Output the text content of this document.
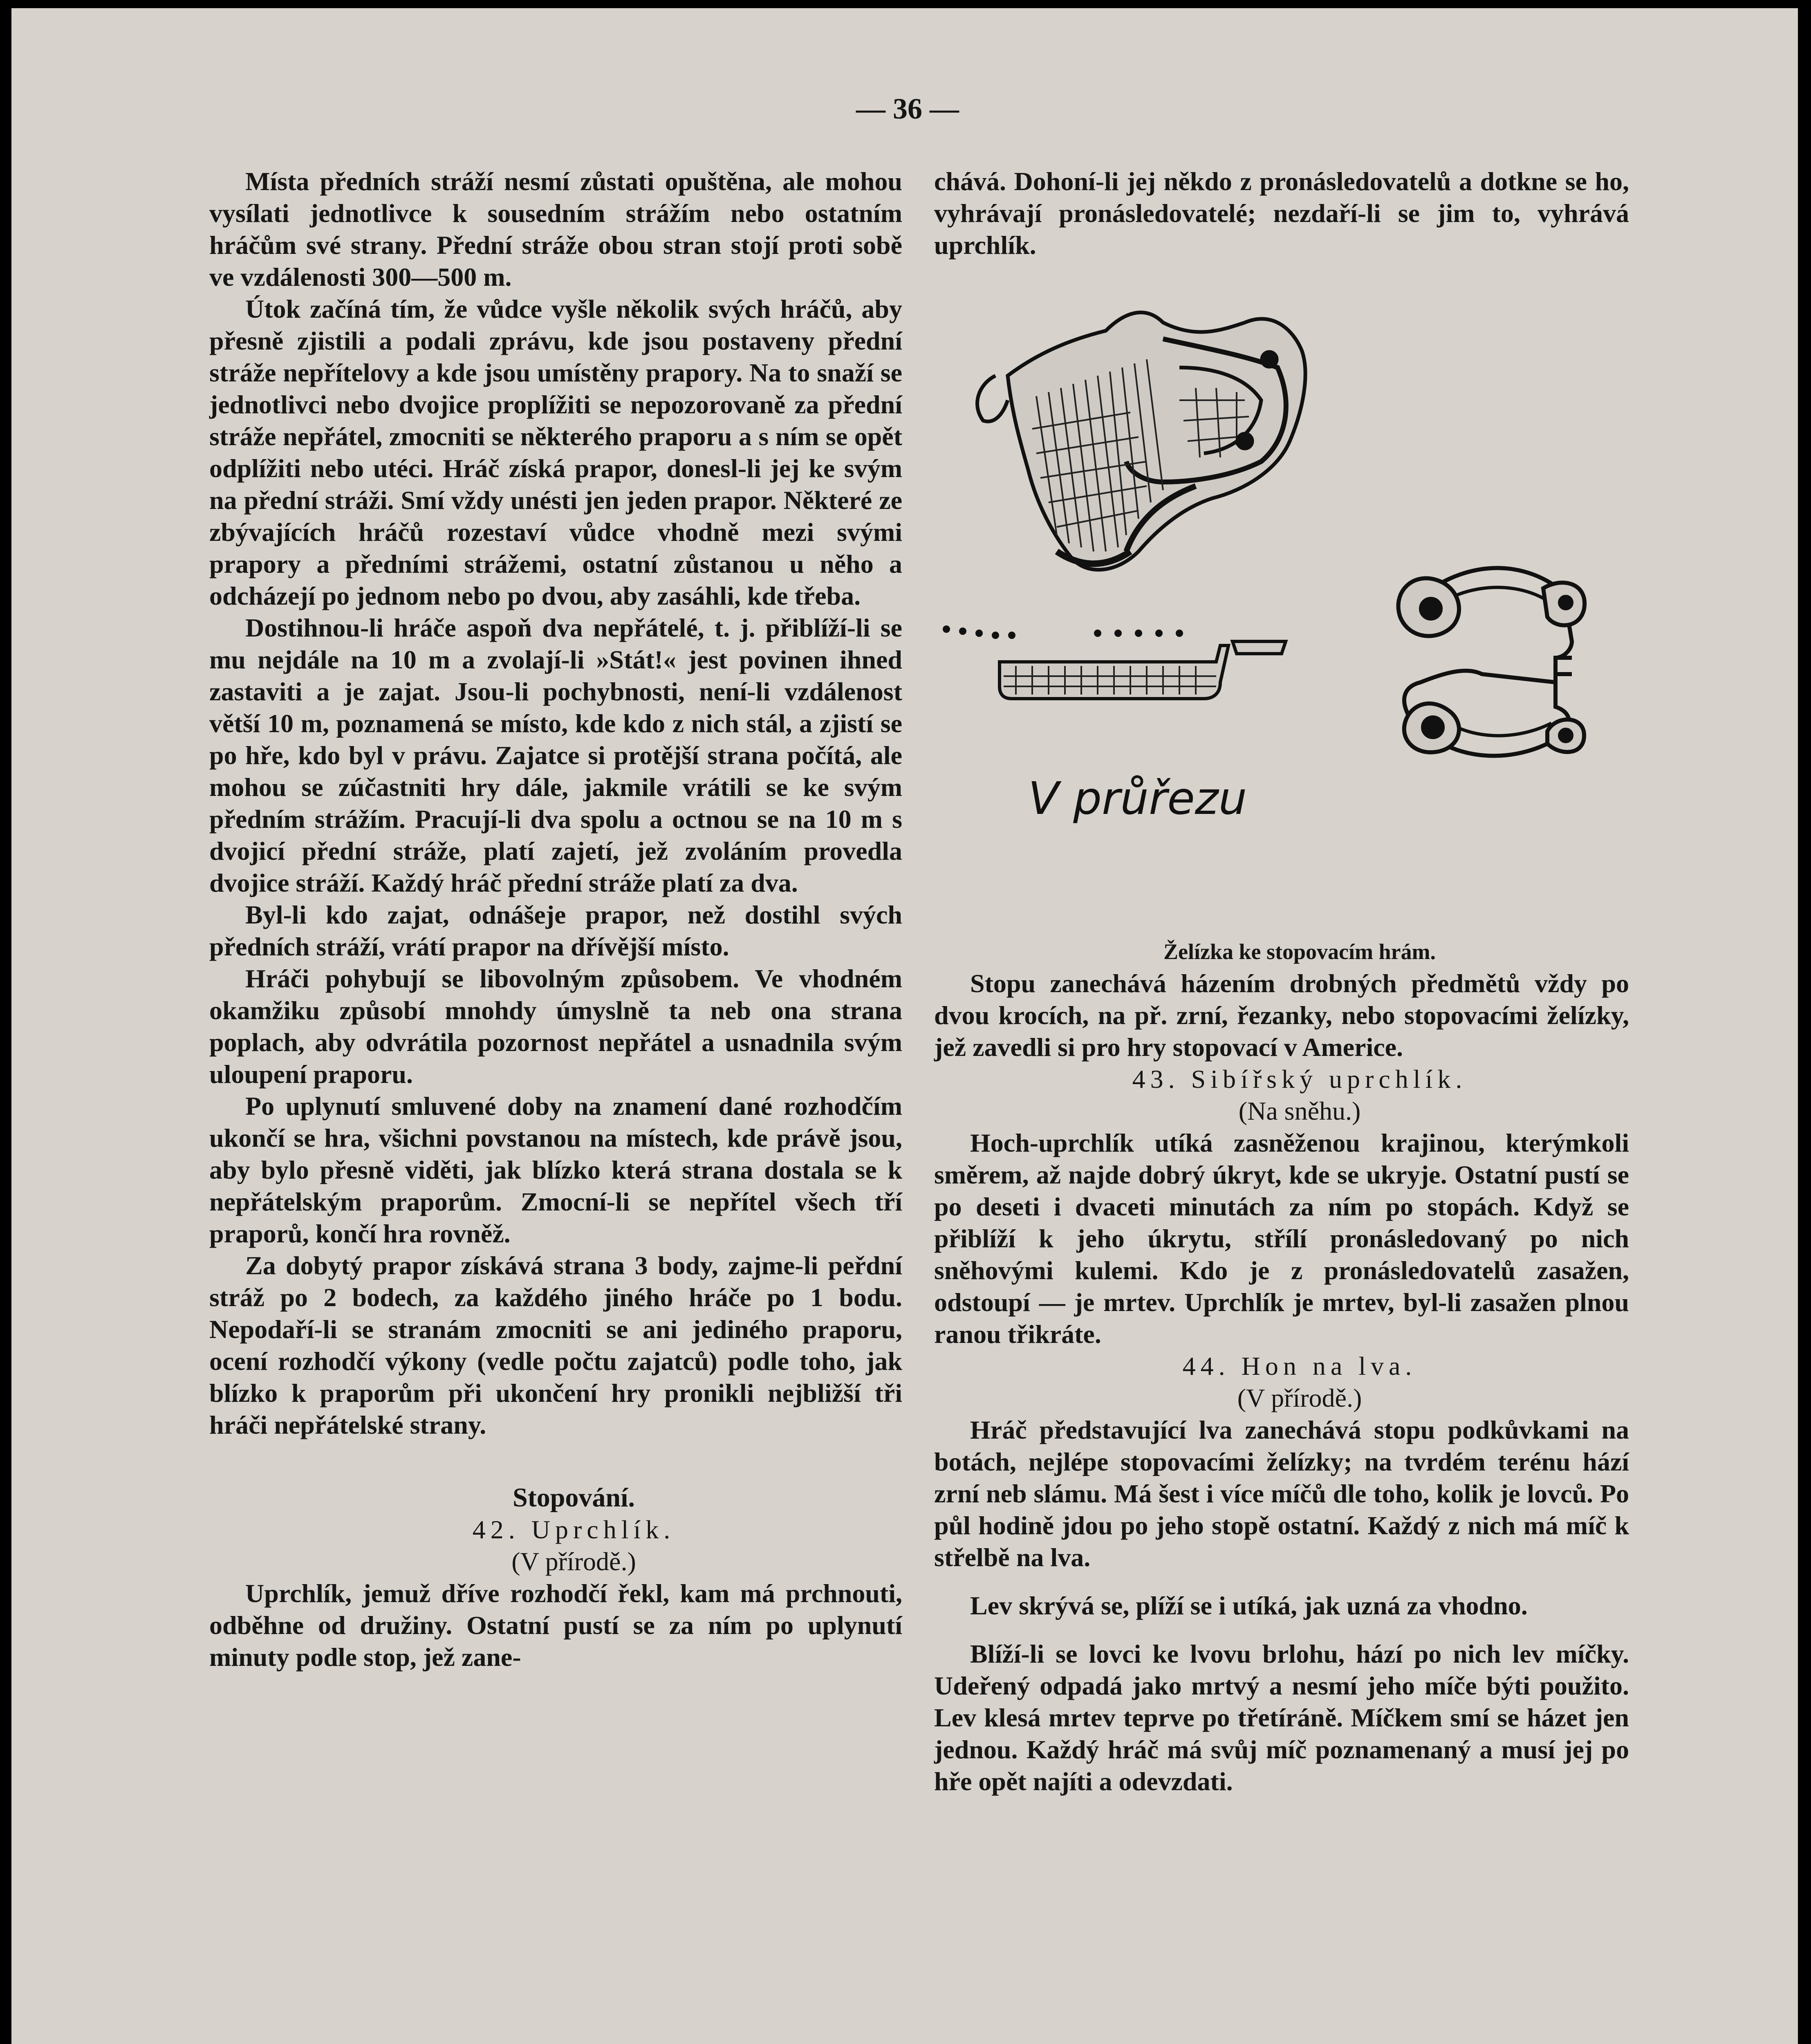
— 36 —

Místa předních stráží nesmí zůstati opuštěna, ale mohou vysílati jednotlivce k sousedním strážím nebo ostatním hráčům své strany. Přední stráže obou stran stojí proti sobě ve vzdálenosti 300—500 m.

Útok začíná tím, že vůdce vyšle několik svých hráčů, aby přesně zjistili a podali zprávu, kde jsou postaveny přední stráže nepřítelovy a kde jsou umístěny prapory. Na to snaží se jednotlivci nebo dvojice proplížiti se nepozorovaně za přední stráže nepřátel, zmocniti se některého praporu a s ním se opět odplížiti nebo utéci. Hráč získá prapor, donesl-li jej ke svým na přední stráži. Smí vždy unésti jen jeden prapor. Některé ze zbývajících hráčů rozestaví vůdce vhodně mezi svými prapory a předními strážemi, ostatní zůstanou u něho a odcházejí po jednom nebo po dvou, aby zasáhli, kde třeba.

Dostihnou-li hráče aspoň dva nepřátelé, t. j. přiblíží-li se mu nejdále na 10 m a zvolají-li »Stát!« jest povinen ihned zastaviti a je zajat. Jsou-li pochybnosti, není-li vzdálenost větší 10 m, poznamená se místo, kde kdo z nich stál, a zjistí se po hře, kdo byl v právu. Zajatce si protější strana počítá, ale mohou se zúčastniti hry dále, jakmile vrátili se ke svým předním strážím. Pracují-li dva spolu a octnou se na 10 m s dvojicí přední stráže, platí zajetí, jež zvoláním provedla dvojice stráží. Každý hráč přední stráže platí za dva.

Byl-li kdo zajat, odnášeje prapor, než dostihl svých předních stráží, vrátí prapor na dřívější místo.

Hráči pohybují se libovolným způsobem. Ve vhodném okamžiku způsobí mnohdy úmyslně ta neb ona strana poplach, aby odvrátila pozornost nepřátel a usnadnila svým uloupení praporu.

Po uplynutí smluvené doby na znamení dané rozhodčím ukončí se hra, všichni povstanou na místech, kde právě jsou, aby bylo přesně viděti, jak blízko která strana dostala se k nepřátelským praporům. Zmocní-li se nepřítel všech tří praporů, končí hra rovněž.

Za dobytý prapor získává strana 3 body, zajme-li peřdní stráž po 2 bodech, za každého jiného hráče po 1 bodu. Nepodaří-li se stranám zmocniti se ani jediného praporu, ocení rozhodčí výkony (vedle počtu zajatců) podle toho, jak blízko k praporům při ukončení hry pronikli nejbližší tři hráči nepřátelské strany.

Stopování.

42. Uprchlík.

(V přírodě.)

Uprchlík, jemuž dříve rozhodčí řekl, kam má prchnouti, odběhne od družiny. Ostatní pustí se za ním po uplynutí minuty podle stop, jež zane-

chává. Dohoní-li jej někdo z pronásledovatelů a dotkne se ho, vyhrávají pronásledovatelé; nezdaří-li se jim to, vyhrává uprchlík.

V průřezu

Želízka ke stopovacím hrám.

Stopu zanechává házením drobných předmětů vždy po dvou krocích, na př. zrní, řezanky, nebo stopovacími želízky, jež zavedli si pro hry stopovací v Americe.

43. Sibířský uprchlík.

(Na sněhu.)

Hoch-uprchlík utíká zasněženou krajinou, kterýmkoli směrem, až najde dobrý úkryt, kde se ukryje. Ostatní pustí se po deseti i dvaceti minutách za ním po stopách. Když se přiblíží k jeho úkrytu, střílí pronásledovaný po nich sněhovými kulemi. Kdo je z pronásledovatelů zasažen, odstoupí — je mrtev. Uprchlík je mrtev, byl-li zasažen plnou ranou třikráte.

44. Hon na lva.

(V přírodě.)

Hráč představující lva zanechává stopu podkůvkami na botách, nejlépe stopovacími želízky; na tvrdém terénu hází zrní neb slámu. Má šest i více míčů dle toho, kolik je lovců. Po půl hodině jdou po jeho stopě ostatní. Každý z nich má míč k střelbě na lva.

Lev skrývá se, plíží se i utíká, jak uzná za vhodno.

Blíží-li se lovci ke lvovu brlohu, hází po nich lev míčky. Udeřený odpadá jako mrtvý a nesmí jeho míče býti použito. Lev klesá mrtev teprve po třetíráně. Míčkem smí se házet jen jednou. Každý hráč má svůj míč poznamenaný a musí jej po hře opět najíti a odevzdati.
